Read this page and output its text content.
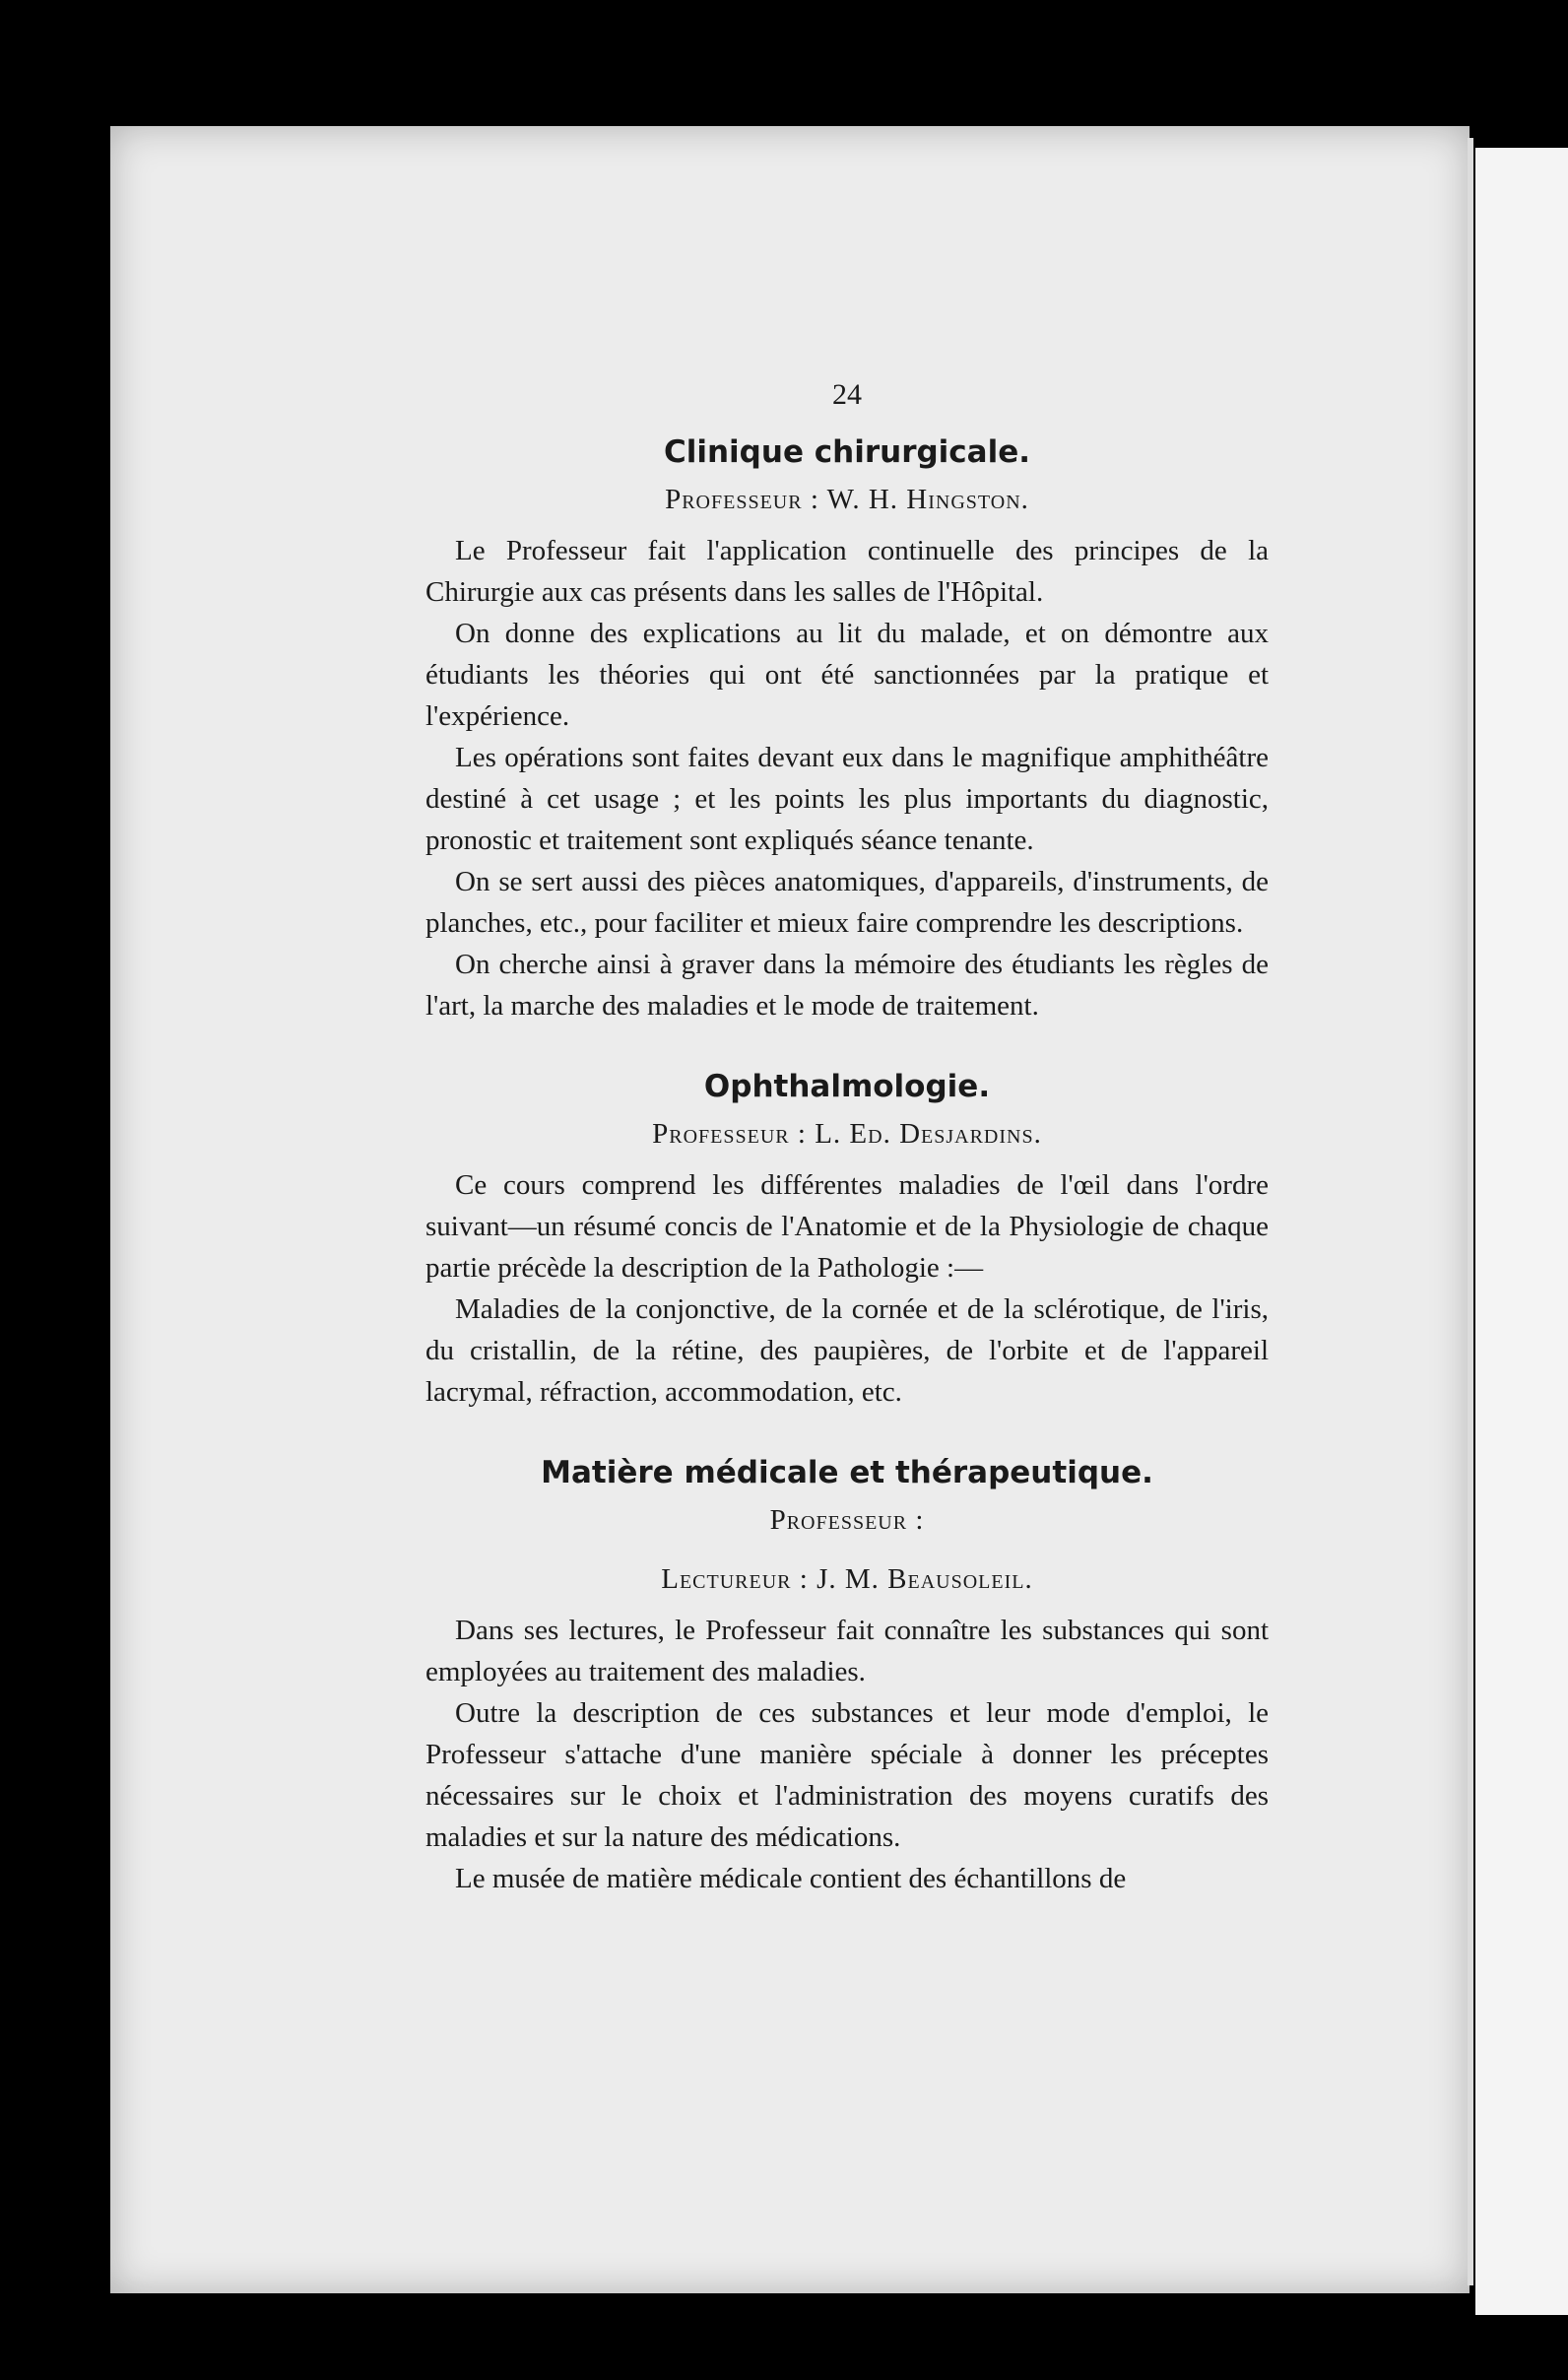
24
Clinique chirurgicale.
Professeur : W. H. Hingston.

Le Professeur fait l'application continuelle des principes de la Chirurgie aux cas présents dans les salles de l'Hôpital.

On donne des explications au lit du malade, et on démontre aux étudiants les théories qui ont été sanctionnées par la pratique et l'expérience.

Les opérations sont faites devant eux dans le magnifique amphithéâtre destiné à cet usage ; et les points les plus importants du diagnostic, pronostic et traitement sont expliqués séance tenante.

On se sert aussi des pièces anatomiques, d'appareils, d'instruments, de planches, etc., pour faciliter et mieux faire comprendre les descriptions.

On cherche ainsi à graver dans la mémoire des étudiants les règles de l'art, la marche des maladies et le mode de traitement.

Ophthalmologie.
Professeur : L. Ed. Desjardins.

Ce cours comprend les différentes maladies de l'œil dans l'ordre suivant—un résumé concis de l'Anatomie et de la Physiologie de chaque partie précède la description de la Pathologie :—

Maladies de la conjonctive, de la cornée et de la sclérotique, de l'iris, du cristallin, de la rétine, des paupières, de l'orbite et de l'appareil lacrymal, réfraction, accommodation, etc.

Matière médicale et thérapeutique.
Professeur :
Lectureur : J. M. Beausoleil.

Dans ses lectures, le Professeur fait connaître les substances qui sont employées au traitement des maladies.

Outre la description de ces substances et leur mode d'emploi, le Professeur s'attache d'une manière spéciale à donner les préceptes nécessaires sur le choix et l'administration des moyens curatifs des maladies et sur la nature des médications.

Le musée de matière médicale contient des échantillons de
